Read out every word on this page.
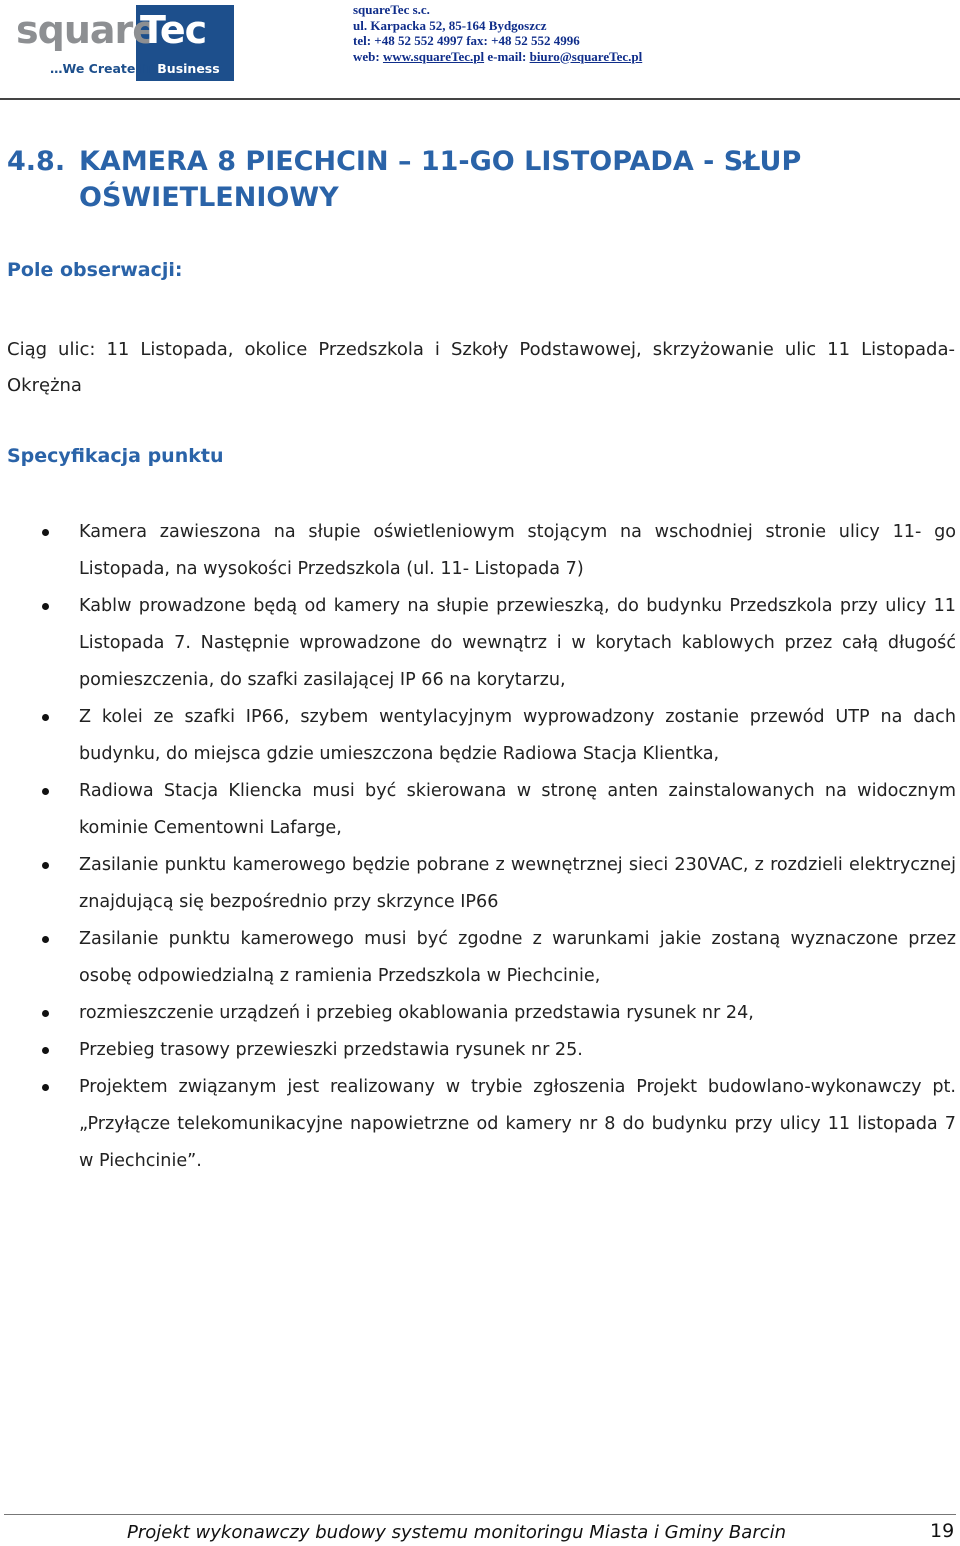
square
Tec
…We Create IT Business
squareTec s.c.
ul. Karpacka 52, 85-164 Bydgoszcz
tel: +48 52 552 4997 fax: +48 52 552 4996
web: www.squareTec.pl e-mail: biuro@squareTec.pl
4.8. KAMERA 8 PIECHCIN – 11-GO LISTOPADA - SŁUP
OŚWIETLENIOWY
Pole obserwacji:
Ciąg ulic: 11 Listopada, okolice Przedszkola i Szkoły Podstawowej, skrzyżowanie ulic 11 Listopada- Okrężna
Specyfikacja punktu
Kamera zawieszona na słupie oświetleniowym stojącym na wschodniej stronie ulicy 11- go Listopada, na wysokości Przedszkola (ul. 11- Listopada 7)
Kablw prowadzone będą od kamery na słupie przewieszką, do budynku Przedszkola przy ulicy 11 Listopada 7. Następnie wprowadzone do wewnątrz i w korytach kablowych przez całą długość pomieszczenia, do szafki zasilającej IP 66 na korytarzu,
Z kolei ze szafki IP66, szybem wentylacyjnym wyprowadzony zostanie przewód UTP na dach budynku, do miejsca gdzie umieszczona będzie Radiowa Stacja Klientka,
Radiowa Stacja Kliencka musi być skierowana w stronę anten zainstalowanych na widocznym kominie Cementowni Lafarge,
Zasilanie punktu kamerowego będzie pobrane z wewnętrznej sieci 230VAC, z rozdzieli elektrycznej znajdującą się bezpośrednio przy skrzynce IP66
Zasilanie punktu kamerowego musi być zgodne z warunkami jakie zostaną wyznaczone przez osobę odpowiedzialną z ramienia Przedszkola w Piechcinie,
rozmieszczenie urządzeń i przebieg okablowania przedstawia rysunek nr 24,
Przebieg trasowy przewieszki przedstawia rysunek nr 25.
Projektem związanym jest realizowany w trybie zgłoszenia Projekt budowlano-wykonawczy pt. „Przyłącze telekomunikacyjne napowietrzne od kamery nr 8 do budynku przy ulicy 11 listopada 7 w Piechcinie”.
Projekt wykonawczy budowy systemu monitoringu Miasta i Gminy Barcin	19
